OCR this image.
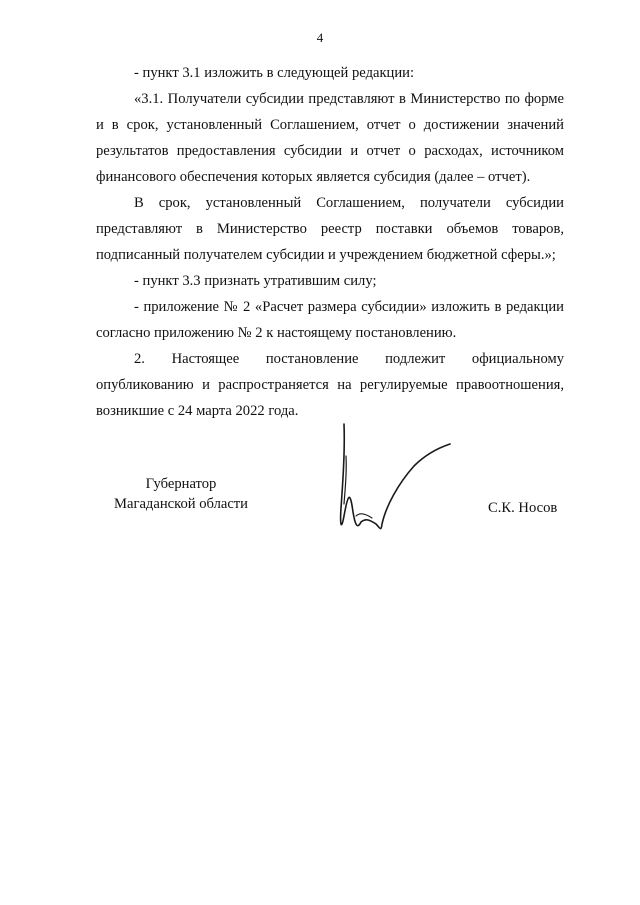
4

- пункт 3.1 изложить в следующей редакции:

«3.1. Получатели субсидии представляют в Министерство по форме и в срок, установленный Соглашением, отчет о достижении значений результатов предоставления субсидии и отчет о расходах, источником финансового обеспечения которых является субсидия (далее – отчет).

В срок, установленный Соглашением, получатели субсидии представляют в Министерство реестр поставки объемов товаров, подписанный получателем субсидии и учреждением бюджетной сферы.»;

- пункт 3.3 признать утратившим силу;

- приложение № 2 «Расчет размера субсидии» изложить в редакции согласно приложению № 2 к настоящему постановлению.

2. Настоящее постановление подлежит официальному опубликованию и распространяется на регулируемые правоотношения, возникшие с 24 марта 2022 года.

Губернатор
Магаданской области	С.К. Носов
